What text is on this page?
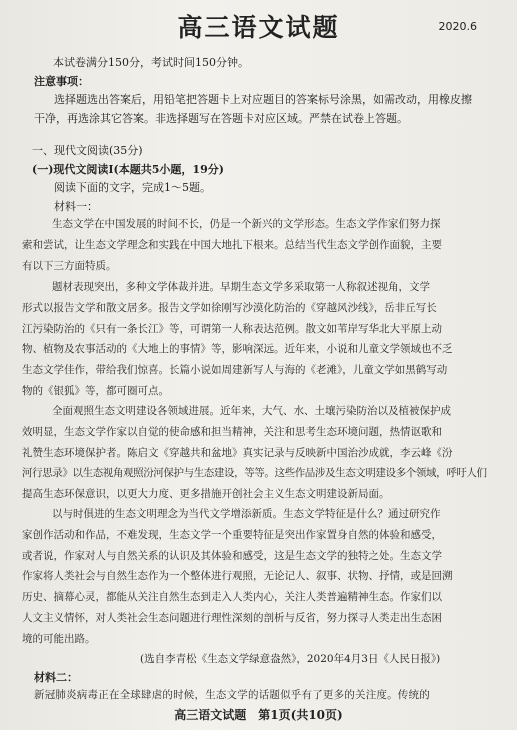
高三语文试题	2020.6
本试卷满分150分，考试时间150分钟。
注意事项：
选择题选出答案后，用铅笔把答题卡上对应题目的答案标号涂黑，如需改动，用橡皮擦
干净，再选涂其它答案。非选择题写在答题卡对应区域。严禁在试卷上答题。
一、现代文阅读(35分)
(一)现代文阅读Ⅰ(本题共5小题，19分)
阅读下面的文字，完成1～5题。
材料一：
生态文学在中国发展的时间不长，仍是一个新兴的文学形态。生态文学作家们努力探
索和尝试，让生态文学理念和实践在中国大地扎下根来。总结当代生态文学创作面貌，主要
有以下三方面特质。
题材表现突出，多种文学体裁并进。早期生态文学多采取第一人称叙述视角，文学
形式以报告文学和散文居多。报告文学如徐刚写沙漠化防治的《穿越风沙线》，岳非丘写长
江污染防治的《只有一条长江》等，可谓第一人称表达范例。散文如苇岸写华北大平原上动
物、植物及农事活动的《大地上的事情》等，影响深远。近年来，小说和儿童文学领域也不乏
生态文学佳作，带给我们惊喜。长篇小说如周建新写人与海的《老滩》，儿童文学如黑鹤写动
物的《银狐》等，都可圈可点。
全面观照生态文明建设各领域进展。近年来，大气、水、土壤污染防治以及植被保护成
效明显，生态文学作家以自觉的使命感和担当精神，关注和思考生态环境问题，热情讴歌和
礼赞生态环境保护者。陈启文《穿越共和盆地》真实记录与反映新中国治沙成就，李云峰《汾
河行思录》以生态视角观照汾河保护与生态建设，等等。这些作品涉及生态文明建设多个领域，呼吁人们
提高生态环保意识，以更大力度、更多措施开创社会主义生态文明建设新局面。
以与时俱进的生态文明理念为当代文学增添新质。生态文学特征是什么？通过研究作
家创作活动和作品，不难发现，生态文学一个重要特征是突出作家置身自然的体验和感受，
或者说，作家对人与自然关系的认识及其体验和感受，这是生态文学的独特之处。生态文学
作家将人类社会与自然生态作为一个整体进行观照，无论记人、叙事、状物、抒情，或是回溯
历史、摘幕心灵，都能从关注自然生态到走入人类内心，关注人类普遍精神生态。作家们以
人文主义情怀，对人类社会生态问题进行理性深刻的剖析与反省，努力探寻人类走出生态困
境的可能出路。
(选自李青松《生态文学绿意盎然》，2020年4月3日《人民日报》)
材料二：
新冠肺炎病毒正在全球肆虐的时候，生态文学的话题似乎有了更多的关注度。传统的
高三语文试题　第1页(共10页)
